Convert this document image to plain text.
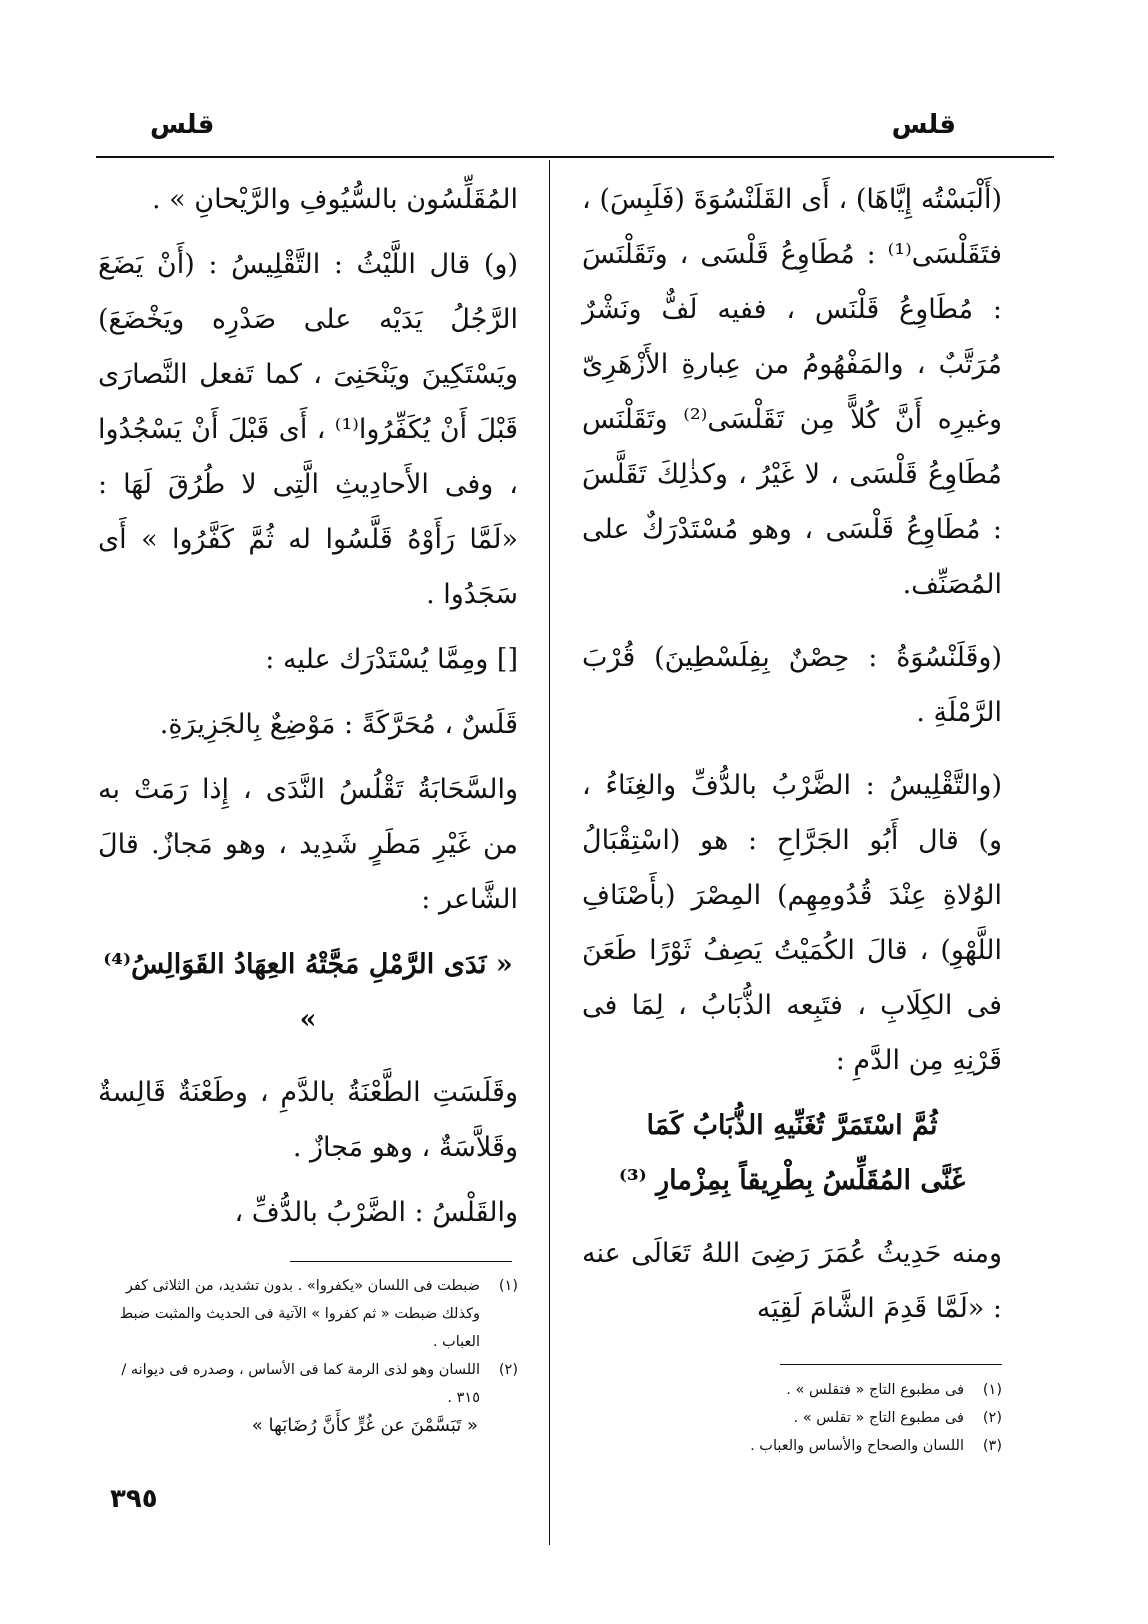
قلس
قلس

(أَلْبَسْتُه إِيَّاهَا) ، أَى القَلَنْسُوَةَ (فَلَبِسَ) ، فتَقَلْسَى⁽¹⁾ : مُطَاوِعُ قَلْسَى ، وتَقَلْنَسَ : مُطَاوِعُ قَلْنَس ، ففيه لَفٌّ ونَشْرٌ مُرَتَّبٌ ، والمَفْهُومُ من عِبارةِ الأَزْهَرِىّ وغيرِه أَنَّ كُلاًّ مِن تَقَلْسَى⁽²⁾ وتَقَلْنَس مُطَاوِعُ قَلْسَى ، لا غَيْرُ ، وكذٰلِكَ تَقَلَّسَ : مُطَاوِعُ قَلْسَى ، وهو مُسْتَدْرَكٌ على المُصَنِّف.

(وقَلَنْسُوَةُ : حِصْنٌ بِفِلَسْطِينَ) قُرْبَ الرَّمْلَةِ .

(والتَّقْلِيسُ : الضَّرْبُ بالدُّفِّ والغِنَاءُ ، و) قال أَبُو الجَرَّاحِ : هو (اسْتِقْبَالُ الوُلاةِ عِنْدَ قُدُومِهِم) المِصْرَ (بأَصْنَافِ اللَّهْوِ) ، قالَ الكُمَيْتُ يَصِفُ ثَوْرًا طَعَنَ فى الكِلَابِ ، فتَبِعه الذُّبَابُ ، لِمَا فى قَرْنِهِ مِن الدَّمِ :

ثُمَّ اسْتَمَرَّ تُغَنِّيهِ الذُّبَابُ كَمَا
غَنَّى المُقَلِّسُ بِطْرِيقاً بِمِزْمارِ ⁽³⁾

ومنه حَدِيثُ عُمَرَ رَضِىَ اللهُ تَعَالَى عنه : «لَمَّا قَدِمَ الشَّامَ لَقِيَه

المُقَلِّسُون بالسُّيُوفِ والرَّيْحانِ » .

(و) قال اللَّيْثُ : التَّقْلِيسُ : (أَنْ يَضَعَ الرَّجُلُ يَدَيْه على صَدْرِه ويَخْضَعَ) ويَسْتَكِينَ ويَنْحَنِىَ ، كما تَفعل النَّصارَى قَبْلَ أَنْ يُكَفِّرُوا⁽¹⁾ ، أَى قَبْلَ أَنْ يَسْجُدُوا ، وفى الأَحادِيثِ الَّتِى لا طُرُقَ لَهَا : «لَمَّا رَأَوْهُ قَلَّسُوا له ثُمَّ كَفَّرُوا » أَى سَجَدُوا .

[] ومِمَّا يُسْتَدْرَك عليه :

قَلَسٌ ، مُحَرَّكَةً : مَوْضِعٌ بِالجَزِيرَةِ.

والسَّحَابَةُ تَقْلُسُ النَّدَى ، إِذا رَمَتْ به من غَيْرِ مَطَرٍ شَدِيد ، وهو مَجازٌ. قالَ الشَّاعر :

« نَدَى الرَّمْلِ مَجَّتْهُ العِهَادُ القَوَالِسُ⁽⁴⁾ »

وقَلَسَتِ الطَّعْنَةُ بالدَّمِ ، وطَعْنَةٌ قَالِسةٌ وقَلاَّسَةٌ ، وهو مَجازٌ .

والقَلْسُ : الضَّرْبُ بالدُّفِّ ،

(١)
فى مطبوع التاج « فتقلس » .
(٢)
فى مطبوع التاج « تقلس » .
(٣)
اللسان والصحاح والأساس والعباب .
(١)
ضبطت فى اللسان «يكفروا» . بدون تشديد، من الثلاثى كفر وكذلك ضبطت « ثم كفروا » الآتية فى الحديث والمثبت ضبط العباب .
(٢)
اللسان وهو لذى الرمة كما فى الأساس ، وصدره فى ديوانه / ٣١٥ .
« تَبَسَّمْنَ عن غُرٍّ كأَنَّ رُضَابَها »
٣٩٥
